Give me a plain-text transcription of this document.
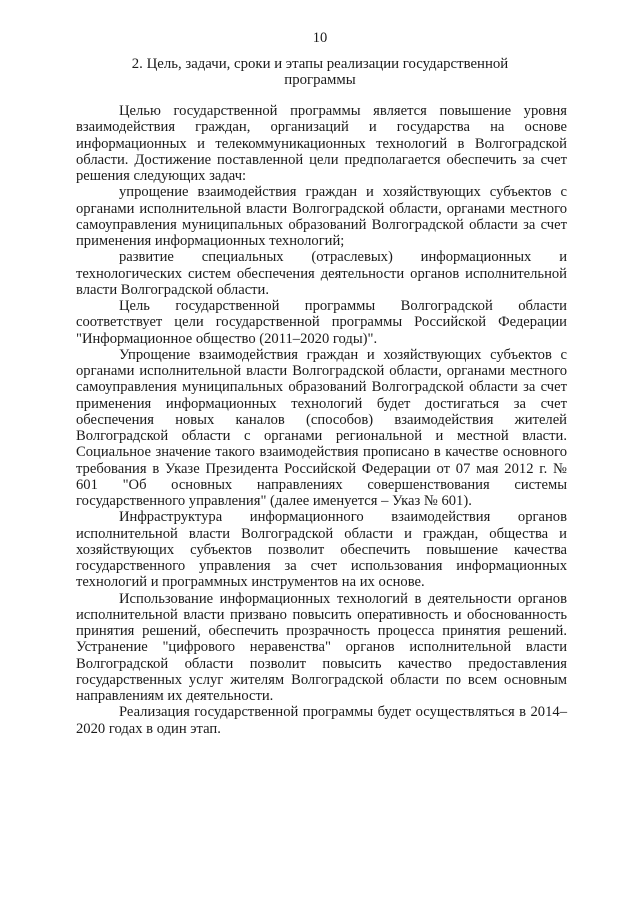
10
2. Цель, задачи, сроки и этапы реализации государственной программы

Целью государственной программы является повышение уровня взаимодействия граждан, организаций и государства на основе информационных и телекоммуникационных технологий в Волгоградской области. Достижение поставленной цели предполагается обеспечить за счет решения следующих задач:

упрощение взаимодействия граждан и хозяйствующих субъектов с органами исполнительной власти Волгоградской области, органами местного самоуправления муниципальных образований Волгоградской области за счет применения информационных технологий;

развитие специальных (отраслевых) информационных и технологических систем обеспечения деятельности органов исполнительной власти Волгоградской области.

Цель государственной программы Волгоградской области соответствует цели государственной программы Российской Федерации "Информационное общество (2011–2020 годы)".

Упрощение взаимодействия граждан и хозяйствующих субъектов с органами исполнительной власти Волгоградской области, органами местного самоуправления муниципальных образований Волгоградской области за счет применения информационных технологий будет достигаться за счет обеспечения новых каналов (способов) взаимодействия жителей Волгоградской области с органами региональной и местной власти. Социальное значение такого взаимодействия прописано в качестве основного требования в Указе Президента Российской Федерации от 07 мая 2012 г. № 601 "Об основных направлениях совершенствования системы государственного управления" (далее именуется – Указ № 601).

Инфраструктура информационного взаимодействия органов исполнительной власти Волгоградской области и граждан, общества и хозяйствующих субъектов позволит обеспечить повышение качества государственного управления за счет использования информационных технологий и программных инструментов на их основе.

Использование информационных технологий в деятельности органов исполнительной власти призвано повысить оперативность и обоснованность принятия решений, обеспечить прозрачность процесса принятия решений. Устранение "цифрового неравенства" органов исполнительной власти Волгоградской области позволит повысить качество предоставления государственных услуг жителям Волгоградской области по всем основным направлениям их деятельности.

Реализация государственной программы будет осуществляться в 2014–2020 годах в один этап.
